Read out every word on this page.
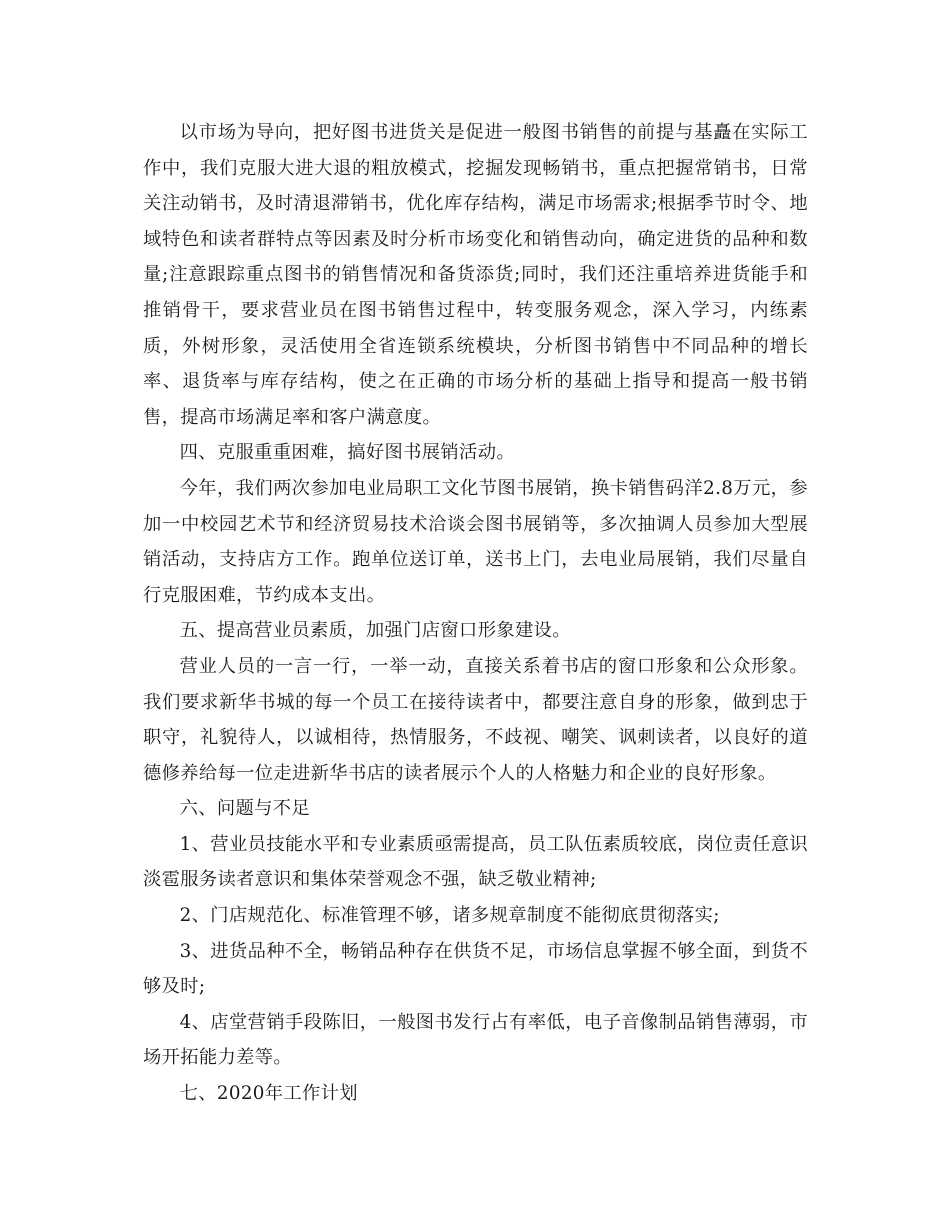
以市场为导向，把好图书进货关是促进一般图书销售的前提与基矗在实际工作中，我们克服大进大退的粗放模式，挖掘发现畅销书，重点把握常销书，日常关注动销书，及时清退滞销书，优化库存结构，满足市场需求;根据季节时令、地域特色和读者群特点等因素及时分析市场变化和销售动向，确定进货的品种和数量;注意跟踪重点图书的销售情况和备货添货;同时，我们还注重培养进货能手和推销骨干，要求营业员在图书销售过程中，转变服务观念，深入学习，内练素质，外树形象，灵活使用全省连锁系统模块，分析图书销售中不同品种的增长率、退货率与库存结构，使之在正确的市场分析的基础上指导和提高一般书销售，提高市场满足率和客户满意度。

四、克服重重困难，搞好图书展销活动。

今年，我们两次参加电业局职工文化节图书展销，换卡销售码洋2.8万元，参加一中校园艺术节和经济贸易技术洽谈会图书展销等，多次抽调人员参加大型展销活动，支持店方工作。跑单位送订单，送书上门，去电业局展销，我们尽量自行克服困难，节约成本支出。

五、提高营业员素质，加强门店窗口形象建设。

营业人员的一言一行，一举一动，直接关系着书店的窗口形象和公众形象。我们要求新华书城的每一个员工在接待读者中，都要注意自身的形象，做到忠于职守，礼貌待人，以诚相待，热情服务，不歧视、嘲笑、讽刺读者，以良好的道德修养给每一位走进新华书店的读者展示个人的人格魅力和企业的良好形象。

六、问题与不足

1、营业员技能水平和专业素质亟需提高，员工队伍素质较底，岗位责任意识淡雹服务读者意识和集体荣誉观念不强，缺乏敬业精神;

2、门店规范化、标准管理不够，诸多规章制度不能彻底贯彻落实;

3、进货品种不全，畅销品种存在供货不足，市场信息掌握不够全面，到货不够及时;

4、店堂营销手段陈旧，一般图书发行占有率低，电子音像制品销售薄弱，市场开拓能力差等。

七、2020年工作计划
